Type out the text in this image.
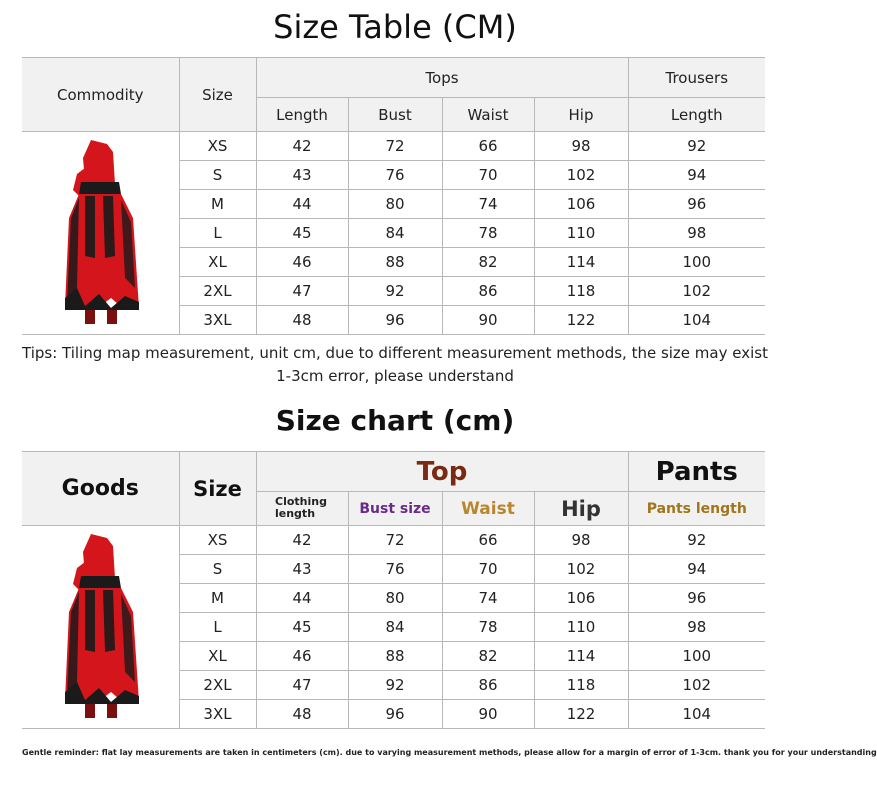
Size Table (CM)
Commodity	Size	Tops				Trousers
		Length	Bust	Waist	Hip	Length

	XS	42	72	66	98	92
	S	43	76	70	102	94
	M	44	80	74	106	96
	L	45	84	78	110	98
	XL	46	88	82	114	100
	2XL	47	92	86	118	102
	3XL	48	96	90	122	104
Tips: Tiling map measurement, unit cm, due to different measurement methods, the size may exist 1-3cm error, please understand
Size chart (cm)
Goods	Size	Top				Pants
		Clothing length	Bust size	Waist	Hip	Pants length

	XS	42	72	66	98	92
	S	43	76	70	102	94
	M	44	80	74	106	96
	L	45	84	78	110	98
	XL	46	88	82	114	100
	2XL	47	92	86	118	102
	3XL	48	96	90	122	104
Gentle reminder: flat lay measurements are taken in centimeters (cm). due to varying measurement methods, please allow for a margin of error of 1-3cm. thank you for your understanding
